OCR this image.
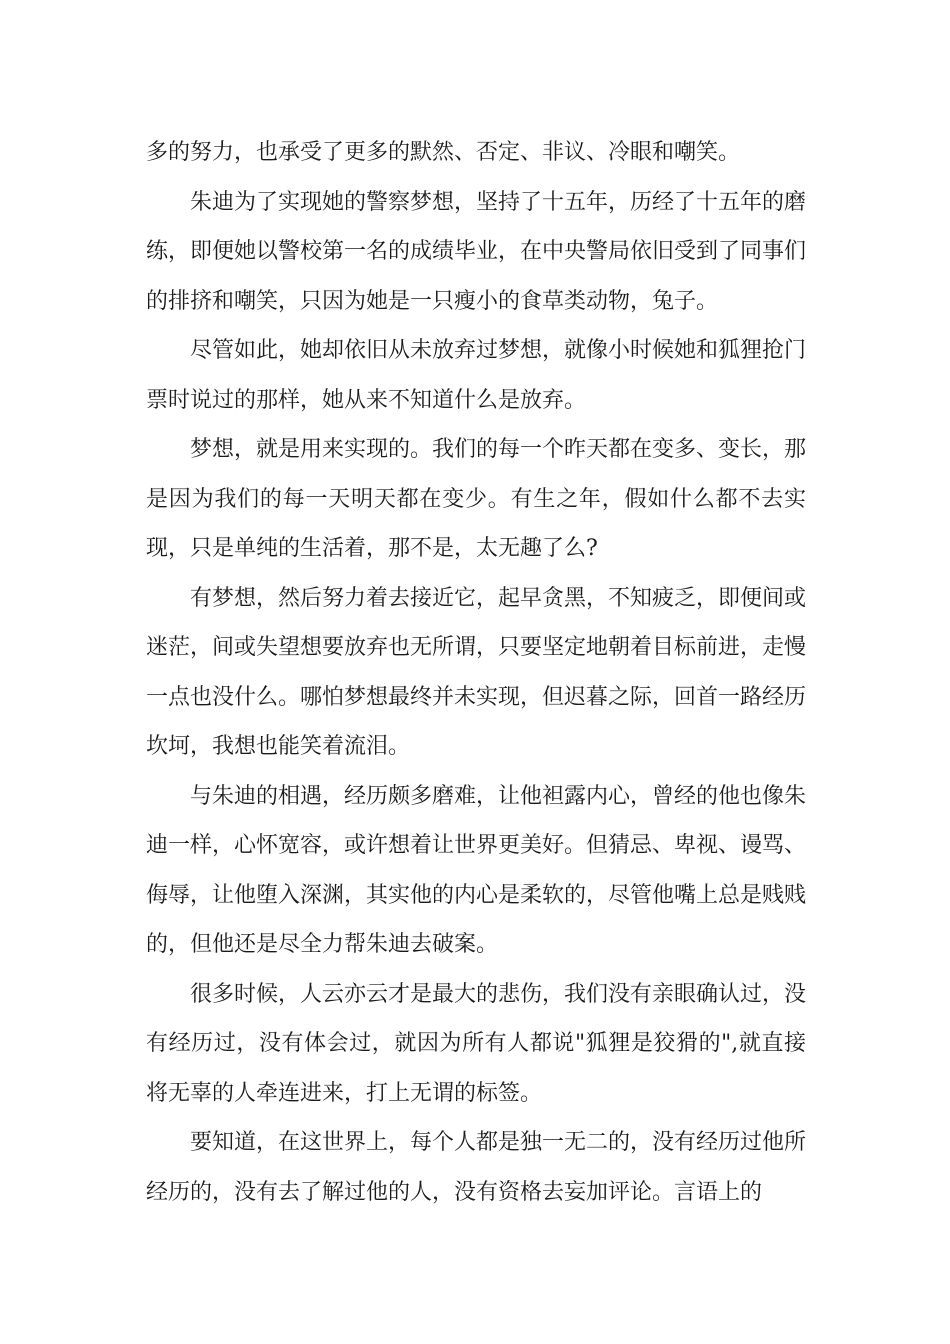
多的努力，也承受了更多的默然、否定、非议、冷眼和嘲笑。

朱迪为了实现她的警察梦想，坚持了十五年，历经了十五年的磨练，即便她以警校第一名的成绩毕业，在中央警局依旧受到了同事们的排挤和嘲笑，只因为她是一只瘦小的食草类动物，兔子。

尽管如此，她却依旧从未放弃过梦想，就像小时候她和狐狸抢门票时说过的那样，她从来不知道什么是放弃。

梦想，就是用来实现的。我们的每一个昨天都在变多、变长，那是因为我们的每一天明天都在变少。有生之年，假如什么都不去实现，只是单纯的生活着，那不是，太无趣了么?

有梦想，然后努力着去接近它，起早贪黑，不知疲乏，即便间或迷茫，间或失望想要放弃也无所谓，只要坚定地朝着目标前进，走慢一点也没什么。哪怕梦想最终并未实现，但迟暮之际，回首一路经历坎坷，我想也能笑着流泪。

与朱迪的相遇，经历颇多磨难，让他袒露内心，曾经的他也像朱迪一样，心怀宽容，或许想着让世界更美好。但猜忌、卑视、谩骂、侮辱，让他堕入深渊，其实他的内心是柔软的，尽管他嘴上总是贱贱的，但他还是尽全力帮朱迪去破案。

很多时候，人云亦云才是最大的悲伤，我们没有亲眼确认过，没有经历过，没有体会过，就因为所有人都说"狐狸是狡猾的",就直接将无辜的人牵连进来，打上无谓的标签。

要知道，在这世界上，每个人都是独一无二的，没有经历过他所经历的，没有去了解过他的人，没有资格去妄加评论。言语上的
